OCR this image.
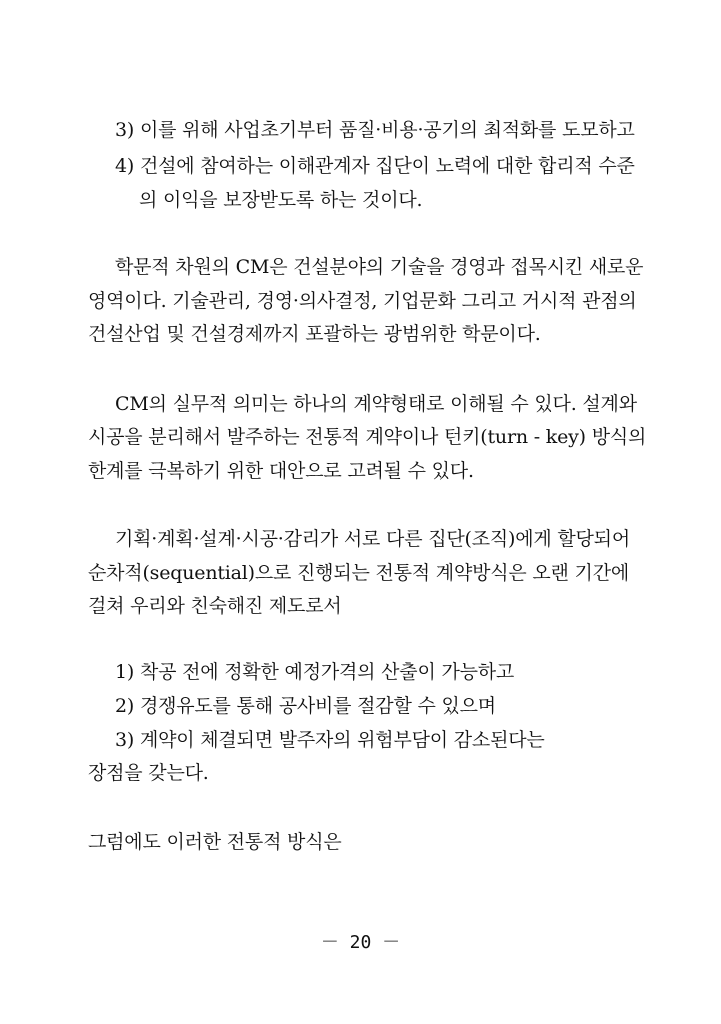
3) 이를 위해 사업초기부터 품질·비용·공기의 최적화를 도모하고
4) 건설에 참여하는 이해관계자 집단이 노력에 대한 합리적 수준
의 이익을 보장받도록 하는 것이다.
학문적 차원의 CM은 건설분야의 기술을 경영과 접목시킨 새로운
영역이다. 기술관리, 경영·의사결정, 기업문화 그리고 거시적 관점의
건설산업 및 건설경제까지 포괄하는 광범위한 학문이다.
CM의 실무적 의미는 하나의 계약형태로 이해될 수 있다. 설계와
시공을 분리해서 발주하는 전통적 계약이나 턴키(turn - key) 방식의
한계를 극복하기 위한 대안으로 고려될 수 있다.
기획·계획·설계·시공·감리가 서로 다른 집단(조직)에게 할당되어
순차적(sequential)으로 진행되는 전통적 계약방식은 오랜 기간에
걸쳐 우리와 친숙해진 제도로서
1) 착공 전에 정확한 예정가격의 산출이 가능하고
2) 경쟁유도를 통해 공사비를 절감할 수 있으며
3) 계약이 체결되면 발주자의 위험부담이 감소된다는
장점을 갖는다.
그럼에도 이러한 전통적 방식은
－ 20 －
